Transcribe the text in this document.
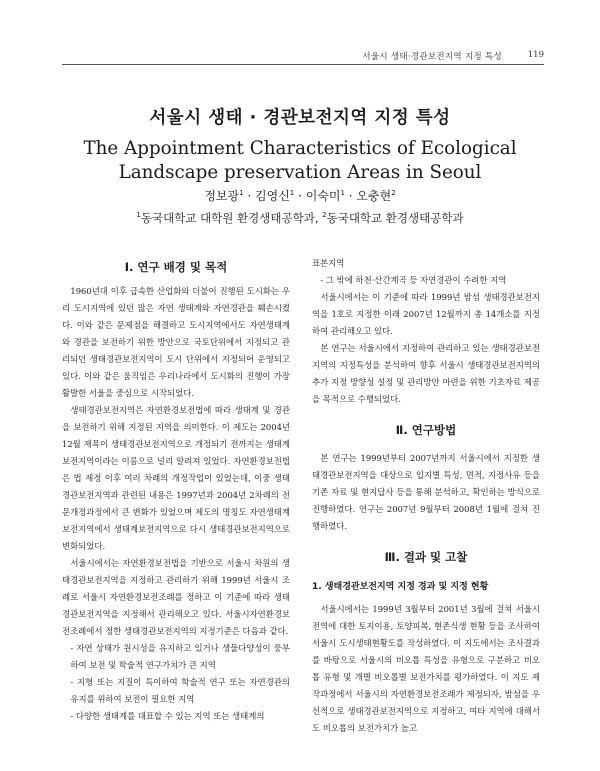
서울시 생태·경관보전지역 지정 특성	119
서울시 생태 · 경관보전지역 지정 특성
The Appointment Characteristics of Ecological Landscape preservation Areas in Seoul
정보광$^1$ · 김영신$^1$ · 이숙미$^1$ · 오충현$^2$
$^1$동국대학교 대학원 환경생태공학과, $^2$동국대학교 환경생태공학과
Ⅰ. 연구 배경 및 목적

1960년대 이후 급속한 산업화와 더불어 진행된 도시화는 우리 도시지역에 있던 많은 자연 생태계와 자연경관을 훼손시켰다. 이와 같은 문제점을 해결하고 도시지역에서도 자연생태계와 경관을 보전하기 위한 방안으로 국토단위에서 지정되고 관리되던 생태경관보전지역이 도시 단위에서 지정되어 운영되고 있다. 이와 같은 움직임은 우리나라에서 도시화의 진행이 가장 활발한 서울을 중심으로 시작되었다.

생태경관보전지역은 자연환경보전법에 따라 생태계 및 경관을 보전하기 위해 지정된 지역을 의미한다. 이 제도는 2004년 12월 제목이 생태경관보전지역으로 개정되기 전까지는 생태계보전지역이라는 이름으로 널리 알려져 있었다. 자연환경보전법은 법 제정 이후 여러 차례의 개정작업이 있었는데, 이중 생태경관보전지역과 관련된 내용은 1997년과 2004년 2차례의 전문개정과정에서 큰 변화가 있었으며 제도의 명칭도 자연생태계보전지역에서 생태계보전지역으로 다시 생태경관보전지역으로 변화되었다.

서울시에서는 자연환경보전법을 기반으로 서울시 차원의 생태경관보전지역을 지정하고 관리하기 위해 1999년 서울시 조례로 서울시 자연환경보전조례를 정하고 이 기준에 따라 생태경관보전지역을 지정해서 관리해오고 있다. 서울시자연환경보전조례에서 정한 생태경관보전지역의 지정기준은 다음과 같다.

- 자연 상태가 원시성을 유지하고 있거나 생물다양성이 풍부하여 보전 및 학술적 연구가치가 큰 지역

- 지형 또는 지질이 특이하여 학술적 연구 또는 자연경관의 유지를 위하여 보전이 필요한 지역

- 다양한 생태계를 대표할 수 있는 지역 또는 생태계의

표본지역

- 그 밖에 하천·산간계곡 등 자연경관이 수려한 지역

서울시에서는 이 기준에 따라 1999년 밤섬 생태경관보전지역을 1호로 지정한 이래 2007년 12월까지 총 14개소를 지정하여 관리해오고 있다.

본 연구는 서울시에서 지정하여 관리하고 있는 생태경관보전지역의 지정특성을 분석하여 향후 서울시 생태경관보전지역의 추가 지정 방향성 설정 및 관리방안 마련을 위한 기초자료 제공을 목적으로 수행되었다.

Ⅱ. 연구방법

본 연구는 1999년부터 2007년까지 서울시에서 지정한 생태경관보전지역을 대상으로 입지별 특성, 면적, 지정사유 등을 기존 자료 및 현지답사 등을 통해 분석하고, 확인하는 방식으로 진행하였다. 연구는 2007년 9월부터 2008년 1월에 걸쳐 진행하였다.

Ⅲ. 결과 및 고찰
1. 생태경관보전지역 지정 경과 및 지정 현황

서울시에서는 1999년 3월부터 2001년 3월에 걸쳐 서울시 전역에 대한 토지이용, 토양피복, 현존식생 현황 등을 조사하여 서울시 도시생태현황도를 작성하였다. 이 지도에서는 조사결과를 바탕으로 서울시의 비오톱 특성을 유형으로 구분하고 비오톱 유형 및 개별 비오톱별 보전가치를 평가하였다. 이 지도 제작과정에서 서울시의 자연환경보전조례가 제정되자, 밤섬을 우선적으로 생태경관보전지역으로 지정하고, 여타 지역에 대해서도 비오톱의 보전가치가 높고
